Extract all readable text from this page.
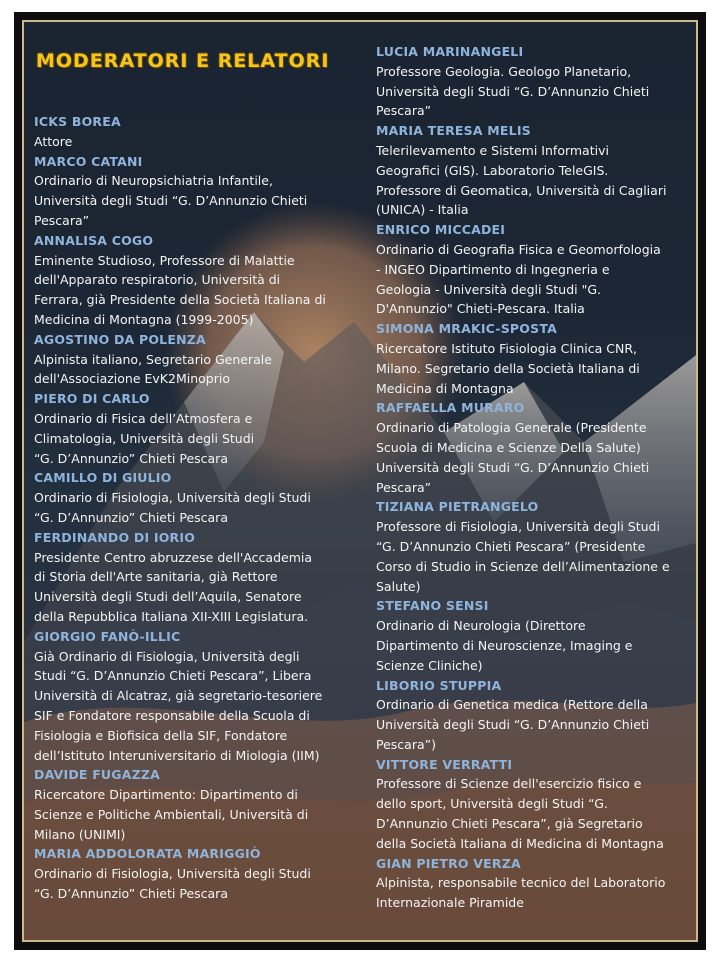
MODERATORI E RELATORI

ICKS BOREA

Attore

MARCO CATANI

Ordinario di Neuropsichiatria Infantile,
Università degli Studi “G. D’Annunzio Chieti
Pescara”

ANNALISA COGO

Eminente Studioso, Professore di Malattie
dell'Apparato respiratorio, Università di
Ferrara, già Presidente della Società Italiana di
Medicina di Montagna (1999-2005)

AGOSTINO DA POLENZA

Alpinista italiano, Segretario Generale
dell'Associazione EvK2Minoprio

PIERO DI CARLO

Ordinario di Fisica dell’Atmosfera e
Climatologia, Università degli Studi
“G. D’Annunzio” Chieti Pescara

CAMILLO DI GIULIO

Ordinario di Fisiologia, Università degli Studi
“G. D’Annunzio” Chieti Pescara

FERDINANDO DI IORIO

Presidente Centro abruzzese dell'Accademia
di Storia dell'Arte sanitaria, già Rettore
Università degli Studi dell’Aquila, Senatore
della Repubblica Italiana XII-XIII Legislatura.

GIORGIO FANÒ-ILLIC

Già Ordinario di Fisiologia, Università degli
Studi “G. D’Annunzio Chieti Pescara”, Libera
Università di Alcatraz, già segretario-tesoriere
SIF e Fondatore responsabile della Scuola di
Fisiologia e Biofisica della SIF, Fondatore
dell’Istituto Interuniversitario di Miologia (IIM)

DAVIDE FUGAZZA

Ricercatore Dipartimento: Dipartimento di
Scienze e Politiche Ambientali, Università di
Milano (UNIMI)

MARIA ADDOLORATA MARIGGIÒ

Ordinario di Fisiologia, Università degli Studi
“G. D’Annunzio” Chieti Pescara

LUCIA MARINANGELI

Professore Geologia. Geologo Planetario,
Università degli Studi “G. D’Annunzio Chieti
Pescara”

MARIA TERESA MELIS

Telerilevamento e Sistemi Informativi
Geografici (GIS). Laboratorio TeleGIS.
Professore di Geomatica, Università di Cagliari
(UNICA) - Italia

ENRICO MICCADEI

Ordinario di Geografia Fisica e Geomorfologia
- INGEO Dipartimento di Ingegneria e
Geologia - Università degli Studi "G.
D'Annunzio" Chieti-Pescara. Italia

SIMONA MRAKIC-SPOSTA

Ricercatore Istituto Fisiologia Clinica CNR,
Milano. Segretario della Società Italiana di
Medicina di Montagna

RAFFAELLA MURARO

Ordinario di Patologia Generale (Presidente
Scuola di Medicina e Scienze Della Salute)
Università degli Studi “G. D’Annunzio Chieti
Pescara”

TIZIANA PIETRANGELO

Professore di Fisiologia, Università degli Studi
“G. D’Annunzio Chieti Pescara” (Presidente
Corso di Studio in Scienze dell’Alimentazione e
Salute)

STEFANO SENSI

Ordinario di Neurologia (Direttore
Dipartimento di Neuroscienze, Imaging e
Scienze Cliniche)

LIBORIO STUPPIA

Ordinario di Genetica medica (Rettore della
Università degli Studi “G. D’Annunzio Chieti
Pescara”)

VITTORE VERRATTI

Professore di Scienze dell'esercizio fisico e
dello sport, Università degli Studi “G.
D’Annunzio Chieti Pescara”, già Segretario
della Società Italiana di Medicina di Montagna

GIAN PIETRO VERZA

Alpinista, responsabile tecnico del Laboratorio
Internazionale Piramide
